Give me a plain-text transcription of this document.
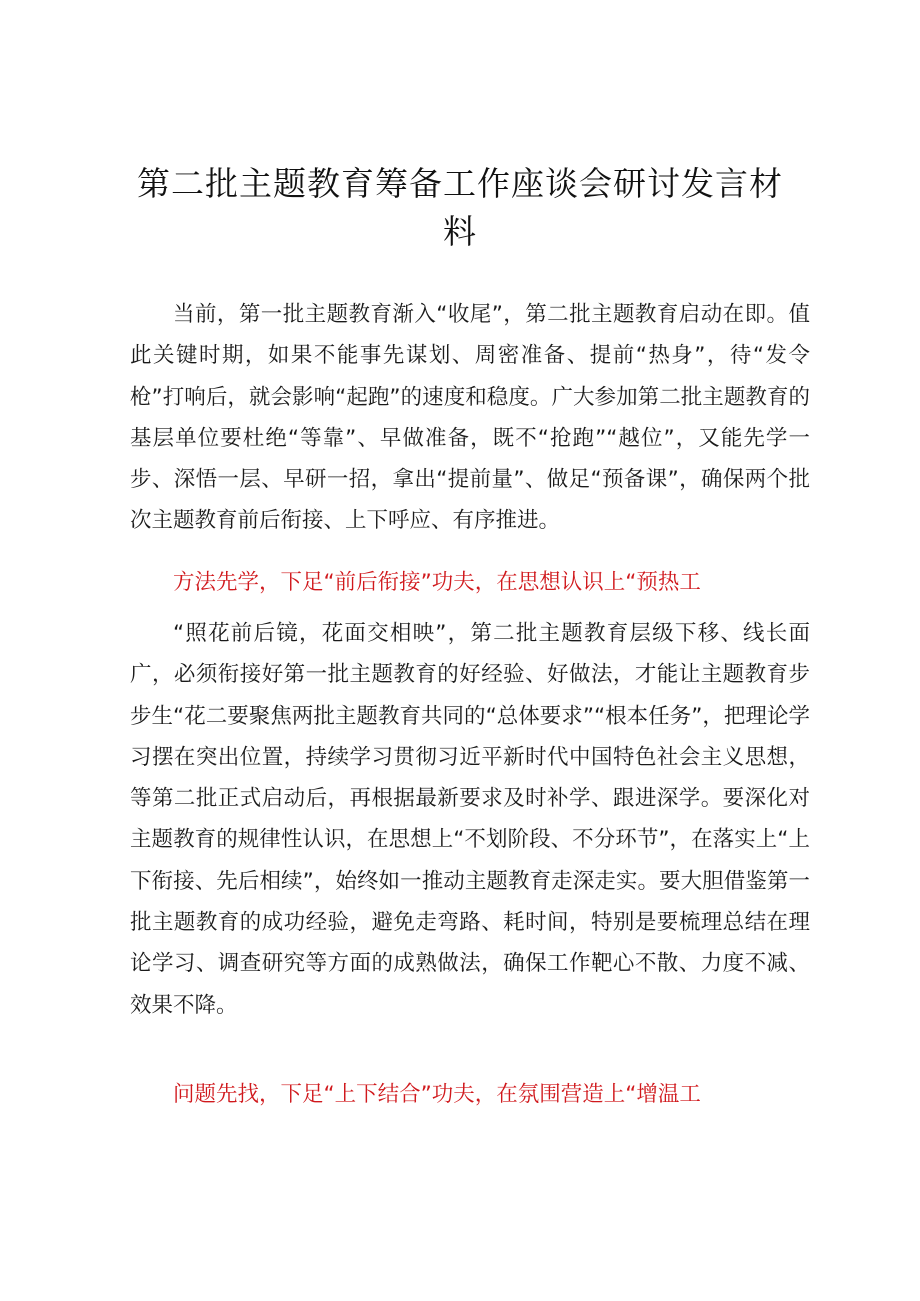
第二批主题教育筹备工作座谈会研讨发言材料

当前，第一批主题教育渐入“收尾”，第二批主题教育启动在即。值此关键时期，如果不能事先谋划、周密准备、提前“热身”，待“发令枪”打响后，就会影响“起跑”的速度和稳度。广大参加第二批主题教育的基层单位要杜绝“等靠”、早做准备，既不“抢跑”“越位”，又能先学一步、深悟一层、早研一招，拿出“提前量”、做足“预备课”，确保两个批次主题教育前后衔接、上下呼应、有序推进。

方法先学，下足“前后衔接”功夫，在思想认识上“预热工

“照花前后镜，花面交相映”，第二批主题教育层级下移、线长面广，必须衔接好第一批主题教育的好经验、好做法，才能让主题教育步步生“花二要聚焦两批主题教育共同的“总体要求”“根本任务”，把理论学习摆在突出位置，持续学习贯彻习近平新时代中国特色社会主义思想，等第二批正式启动后，再根据最新要求及时补学、跟进深学。要深化对主题教育的规律性认识，在思想上“不划阶段、不分环节”，在落实上“上下衔接、先后相续”，始终如一推动主题教育走深走实。要大胆借鉴第一批主题教育的成功经验，避免走弯路、耗时间，特别是要梳理总结在理论学习、调查研究等方面的成熟做法，确保工作靶心不散、力度不减、效果不降。

问题先找，下足“上下结合”功夫，在氛围营造上“增温工
